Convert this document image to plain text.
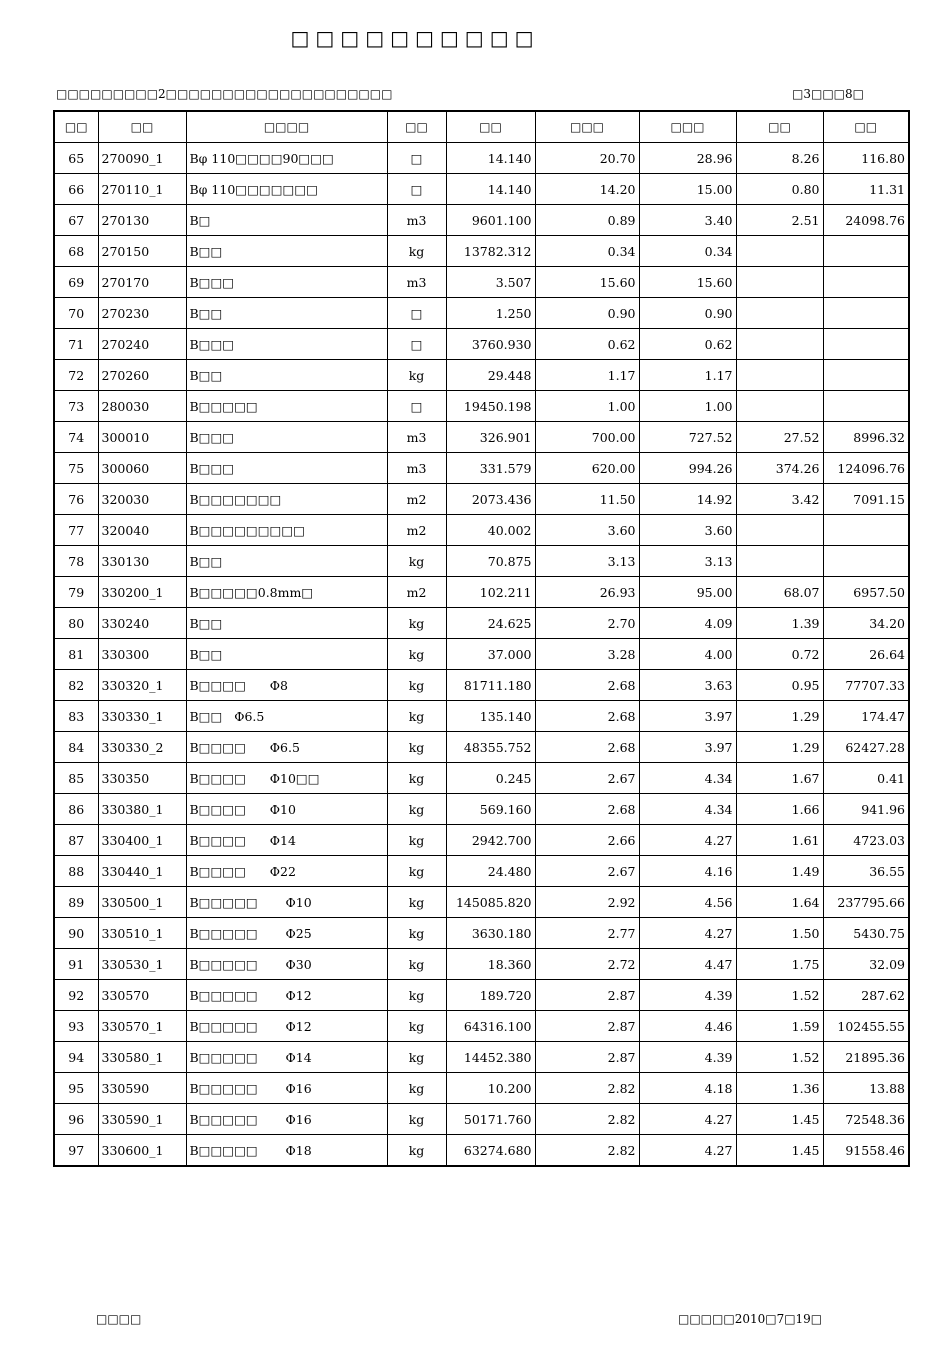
□□□□□□□□□□
□□□□□□□□□2□□□□□□□□□□□□□□□□□□□□	□3□□□8□
□□	□□	□□□□	□□	□□	□□□	□□□	□□	□□
65	270090_1	Bφ 110□□□□90□□□	□	14.140	20.70	28.96	8.26	116.80
66	270110_1	Bφ 110□□□□□□□	□	14.140	14.20	15.00	0.80	11.31
67	270130	B□	m3	9601.100	0.89	3.40	2.51	24098.76
68	270150	B□□	kg	13782.312	0.34	0.34		
69	270170	B□□□	m3	3.507	15.60	15.60		
70	270230	B□□	□	1.250	0.90	0.90		
71	270240	B□□□	□	3760.930	0.62	0.62		
72	270260	B□□	kg	29.448	1.17	1.17		
73	280030	B□□□□□	□	19450.198	1.00	1.00		
74	300010	B□□□	m3	326.901	700.00	727.52	27.52	8996.32
75	300060	B□□□	m3	331.579	620.00	994.26	374.26	124096.76
76	320030	B□□□□□□□	m2	2073.436	11.50	14.92	3.42	7091.15
77	320040	B□□□□□□□□□	m2	40.002	3.60	3.60		
78	330130	B□□	kg	70.875	3.13	3.13		
79	330200_1	B□□□□□0.8mm□	m2	102.211	26.93	95.00	68.07	6957.50
80	330240	B□□	kg	24.625	2.70	4.09	1.39	34.20
81	330300	B□□	kg	37.000	3.28	4.00	0.72	26.64
82	330320_1	B□□□□      Φ8	kg	81711.180	2.68	3.63	0.95	77707.33
83	330330_1	B□□   Φ6.5	kg	135.140	2.68	3.97	1.29	174.47
84	330330_2	B□□□□      Φ6.5	kg	48355.752	2.68	3.97	1.29	62427.28
85	330350	B□□□□      Φ10□□	kg	0.245	2.67	4.34	1.67	0.41
86	330380_1	B□□□□      Φ10	kg	569.160	2.68	4.34	1.66	941.96
87	330400_1	B□□□□      Φ14	kg	2942.700	2.66	4.27	1.61	4723.03
88	330440_1	B□□□□      Φ22	kg	24.480	2.67	4.16	1.49	36.55
89	330500_1	B□□□□□       Φ10	kg	145085.820	2.92	4.56	1.64	237795.66
90	330510_1	B□□□□□       Φ25	kg	3630.180	2.77	4.27	1.50	5430.75
91	330530_1	B□□□□□       Φ30	kg	18.360	2.72	4.47	1.75	32.09
92	330570	B□□□□□       Φ12	kg	189.720	2.87	4.39	1.52	287.62
93	330570_1	B□□□□□       Φ12	kg	64316.100	2.87	4.46	1.59	102455.55
94	330580_1	B□□□□□       Φ14	kg	14452.380	2.87	4.39	1.52	21895.36
95	330590	B□□□□□       Φ16	kg	10.200	2.82	4.18	1.36	13.88
96	330590_1	B□□□□□       Φ16	kg	50171.760	2.82	4.27	1.45	72548.36
97	330600_1	B□□□□□       Φ18	kg	63274.680	2.82	4.27	1.45	91558.46
□□□□	□□□□□2010□7□19□
